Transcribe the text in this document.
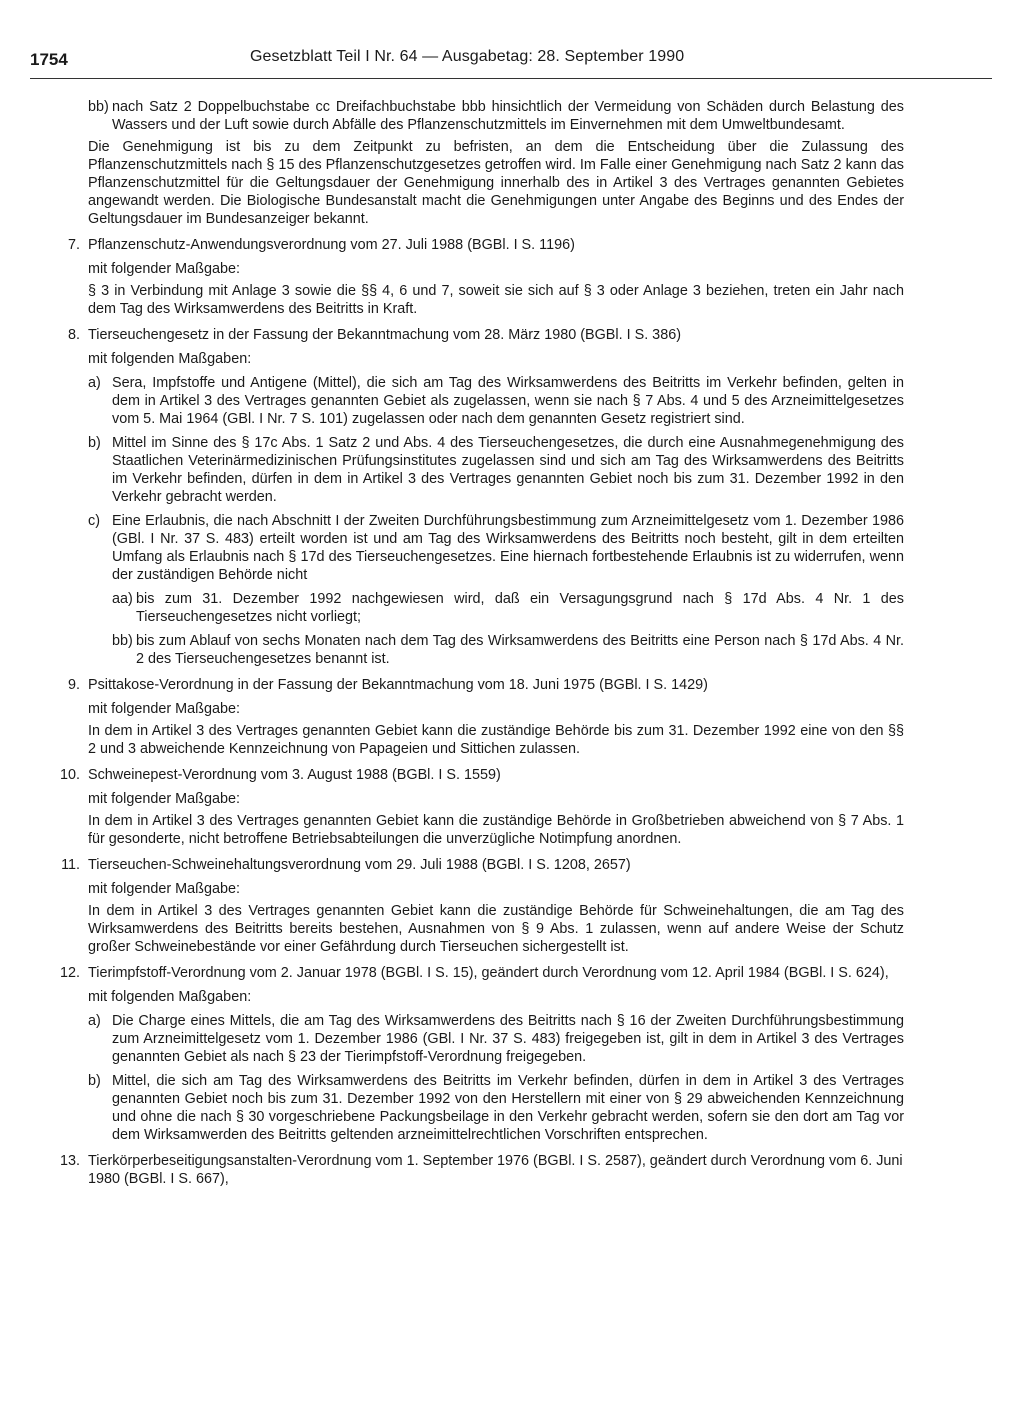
1754	Gesetzblatt Teil I Nr. 64 — Ausgabetag: 28. September 1990
bb) nach Satz 2 Doppelbuchstabe cc Dreifachbuchstabe bbb hinsichtlich der Vermeidung von Schäden durch Belastung des Wassers und der Luft sowie durch Abfälle des Pflanzenschutzmittels im Einvernehmen mit dem Umweltbundesamt.

Die Genehmigung ist bis zu dem Zeitpunkt zu befristen, an dem die Entscheidung über die Zulassung des Pflanzenschutzmittels nach § 15 des Pflanzenschutzgesetzes getroffen wird. Im Falle einer Genehmigung nach Satz 2 kann das Pflanzenschutzmittel für die Geltungsdauer der Genehmigung innerhalb des in Artikel 3 des Vertrages genannten Gebietes angewandt werden. Die Biologische Bundesanstalt macht die Genehmigungen unter Angabe des Beginns und des Endes der Geltungsdauer im Bundesanzeiger bekannt.

7. Pflanzenschutz-Anwendungsverordnung vom 27. Juli 1988 (BGBl. I S. 1196)

mit folgender Maßgabe:

§ 3 in Verbindung mit Anlage 3 sowie die §§ 4, 6 und 7, soweit sie sich auf § 3 oder Anlage 3 beziehen, treten ein Jahr nach dem Tag des Wirksamwerdens des Beitritts in Kraft.

8. Tierseuchengesetz in der Fassung der Bekanntmachung vom 28. März 1980 (BGBl. I S. 386)

mit folgenden Maßgaben:

a) Sera, Impfstoffe und Antigene (Mittel), die sich am Tag des Wirksamwerdens des Beitritts im Verkehr befinden, gelten in dem in Artikel 3 des Vertrages genannten Gebiet als zugelassen, wenn sie nach § 7 Abs. 4 und 5 des Arzneimittelgesetzes vom 5. Mai 1964 (GBl. I Nr. 7 S. 101) zugelassen oder nach dem genannten Gesetz registriert sind.

b) Mittel im Sinne des § 17c Abs. 1 Satz 2 und Abs. 4 des Tierseuchengesetzes, die durch eine Ausnahmegenehmigung des Staatlichen Veterinärmedizinischen Prüfungsinstitutes zugelassen sind und sich am Tag des Wirksamwerdens des Beitritts im Verkehr befinden, dürfen in dem in Artikel 3 des Vertrages genannten Gebiet noch bis zum 31. Dezember 1992 in den Verkehr gebracht werden.

c) Eine Erlaubnis, die nach Abschnitt I der Zweiten Durchführungsbestimmung zum Arzneimittelgesetz vom 1. Dezember 1986 (GBl. I Nr. 37 S. 483) erteilt worden ist und am Tag des Wirksamwerdens des Beitritts noch besteht, gilt in dem erteilten Umfang als Erlaubnis nach § 17d des Tierseuchengesetzes. Eine hiernach fortbestehende Erlaubnis ist zu widerrufen, wenn der zuständigen Behörde nicht

aa) bis zum 31. Dezember 1992 nachgewiesen wird, daß ein Versagungsgrund nach § 17d Abs. 4 Nr. 1 des Tierseuchengesetzes nicht vorliegt;

bb) bis zum Ablauf von sechs Monaten nach dem Tag des Wirksamwerdens des Beitritts eine Person nach § 17d Abs. 4 Nr. 2 des Tierseuchengesetzes benannt ist.

9. Psittakose-Verordnung in der Fassung der Bekanntmachung vom 18. Juni 1975 (BGBl. I S. 1429)

mit folgender Maßgabe:

In dem in Artikel 3 des Vertrages genannten Gebiet kann die zuständige Behörde bis zum 31. Dezember 1992 eine von den §§ 2 und 3 abweichende Kennzeichnung von Papageien und Sittichen zulassen.

10. Schweinepest-Verordnung vom 3. August 1988 (BGBl. I S. 1559)

mit folgender Maßgabe:

In dem in Artikel 3 des Vertrages genannten Gebiet kann die zuständige Behörde in Großbetrieben abweichend von § 7 Abs. 1 für gesonderte, nicht betroffene Betriebsabteilungen die unverzügliche Notimpfung anordnen.

11. Tierseuchen-Schweinehaltungsverordnung vom 29. Juli 1988 (BGBl. I S. 1208, 2657)

mit folgender Maßgabe:

In dem in Artikel 3 des Vertrages genannten Gebiet kann die zuständige Behörde für Schweinehaltungen, die am Tag des Wirksamwerdens des Beitritts bereits bestehen, Ausnahmen von § 9 Abs. 1 zulassen, wenn auf andere Weise der Schutz großer Schweinebestände vor einer Gefährdung durch Tierseuchen sichergestellt ist.

12. Tierimpfstoff-Verordnung vom 2. Januar 1978 (BGBl. I S. 15), geändert durch Verordnung vom 12. April 1984 (BGBl. I S. 624),

mit folgenden Maßgaben:

a) Die Charge eines Mittels, die am Tag des Wirksamwerdens des Beitritts nach § 16 der Zweiten Durchführungsbestimmung zum Arzneimittelgesetz vom 1. Dezember 1986 (GBl. I Nr. 37 S. 483) freigegeben ist, gilt in dem in Artikel 3 des Vertrages genannten Gebiet als nach § 23 der Tierimpfstoff-Verordnung freigegeben.

b) Mittel, die sich am Tag des Wirksamwerdens des Beitritts im Verkehr befinden, dürfen in dem in Artikel 3 des Vertrages genannten Gebiet noch bis zum 31. Dezember 1992 von den Herstellern mit einer von § 29 abweichenden Kennzeichnung und ohne die nach § 30 vorgeschriebene Packungsbeilage in den Verkehr gebracht werden, sofern sie den dort am Tag vor dem Wirksamwerden des Beitritts geltenden arzneimittelrechtlichen Vorschriften entsprechen.

13. Tierkörperbeseitigungsanstalten-Verordnung vom 1. September 1976 (BGBl. I S. 2587), geändert durch Verordnung vom 6. Juni 1980 (BGBl. I S. 667),
